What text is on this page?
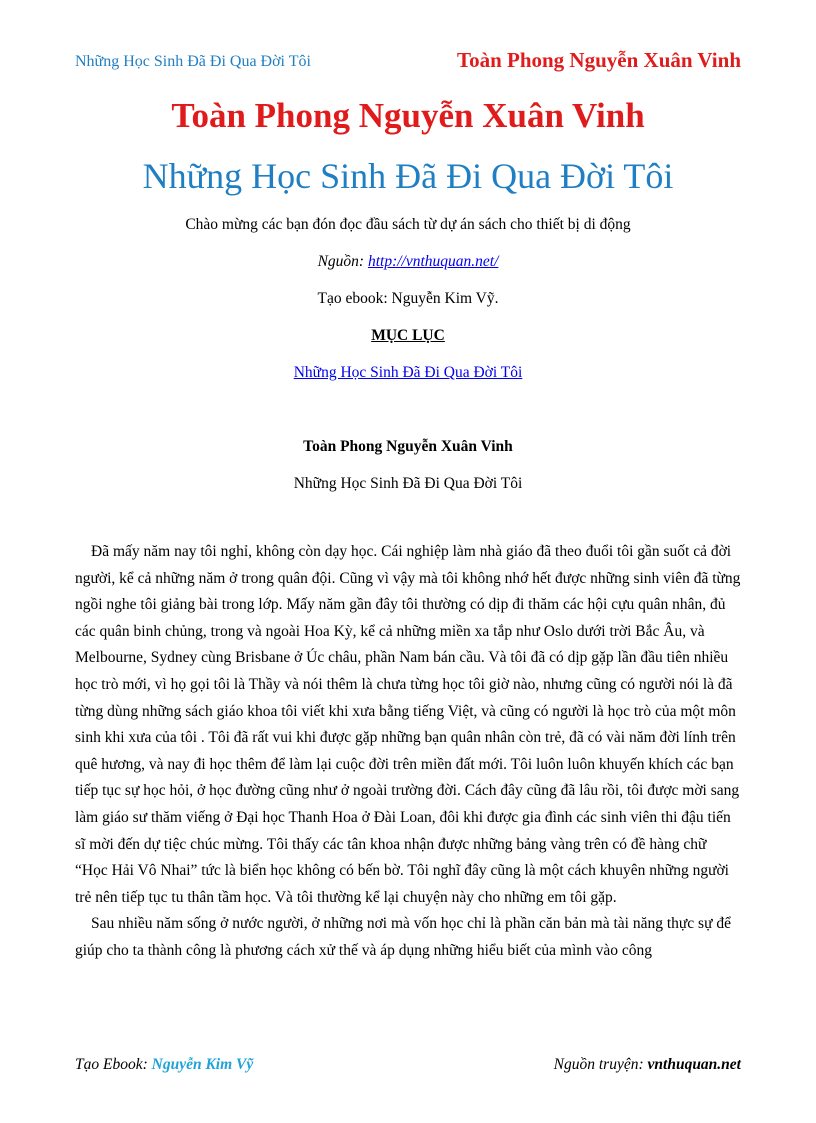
Những Học Sinh Đã Đi Qua Đời Tôi	Toàn Phong Nguyễn Xuân Vinh
Toàn Phong Nguyễn Xuân Vinh
Những Học Sinh Đã Đi Qua Đời Tôi
Chào mừng các bạn đón đọc đầu sách từ dự án sách cho thiết bị di động
Nguồn: http://vnthuquan.net/
Tạo ebook: Nguyễn Kim Vỹ.
MỤC LỤC
Những Học Sinh Đã Đi Qua Đời Tôi
Toàn Phong Nguyễn Xuân Vinh
Những Học Sinh Đã Đi Qua Đời Tôi

Đã mấy năm nay tôi nghỉ, không còn dạy học. Cái nghiệp làm nhà giáo đã theo đuổi tôi gần suốt cả đời người, kể cả những năm ở trong quân đội. Cũng vì vậy mà tôi không nhớ hết được những sinh viên đã từng ngồi nghe tôi giảng bài trong lớp. Mấy năm gần đây tôi thường có dịp đi thăm các hội cựu quân nhân, đủ các quân binh chủng, trong và ngoài Hoa Kỳ, kể cả những miền xa tắp như Oslo dưới trời Bắc Âu, và Melbourne, Sydney cùng Brisbane ở Úc châu, phần Nam bán cầu. Và tôi đã có dịp gặp lần đầu tiên nhiều học trò mới, vì họ gọi tôi là Thầy và nói thêm là chưa từng học tôi giờ nào, nhưng cũng có người nói là đã từng dùng những sách giáo khoa tôi viết khi xưa bằng tiếng Việt, và cũng có người là học trò của một môn sinh khi xưa của tôi . Tôi đã rất vui khi được gặp những bạn quân nhân còn trẻ, đã có vài năm đời lính trên quê hương, và nay đi học thêm để làm lại cuộc đời trên miền đất mới. Tôi luôn luôn khuyến khích các bạn tiếp tục sự học hỏi, ở học đường cũng như ở ngoài trường đời. Cách đây cũng đã lâu rồi, tôi được mời sang làm giáo sư thăm viếng ở Đại học Thanh Hoa ở Đài Loan, đôi khi được gia đình các sinh viên thi đậu tiến sĩ mời đến dự tiệc chúc mừng. Tôi thấy các tân khoa nhận được những bảng vàng trên có đề hàng chữ “Học Hải Vô Nhai” tức là biển học không có bến bờ. Tôi nghĩ đây cũng là một cách khuyên những người trẻ nên tiếp tục tu thân tầm học. Và tôi thường kể lại chuyện này cho những em tôi gặp.

Sau nhiều năm sống ở nước người, ở những nơi mà vốn học chỉ là phần căn bản mà tài năng thực sự để giúp cho ta thành công là phương cách xử thế và áp dụng những hiểu biết của mình vào công

Tạo Ebook: Nguyễn Kim Vỹ	Nguồn truyện: vnthuquan.net
